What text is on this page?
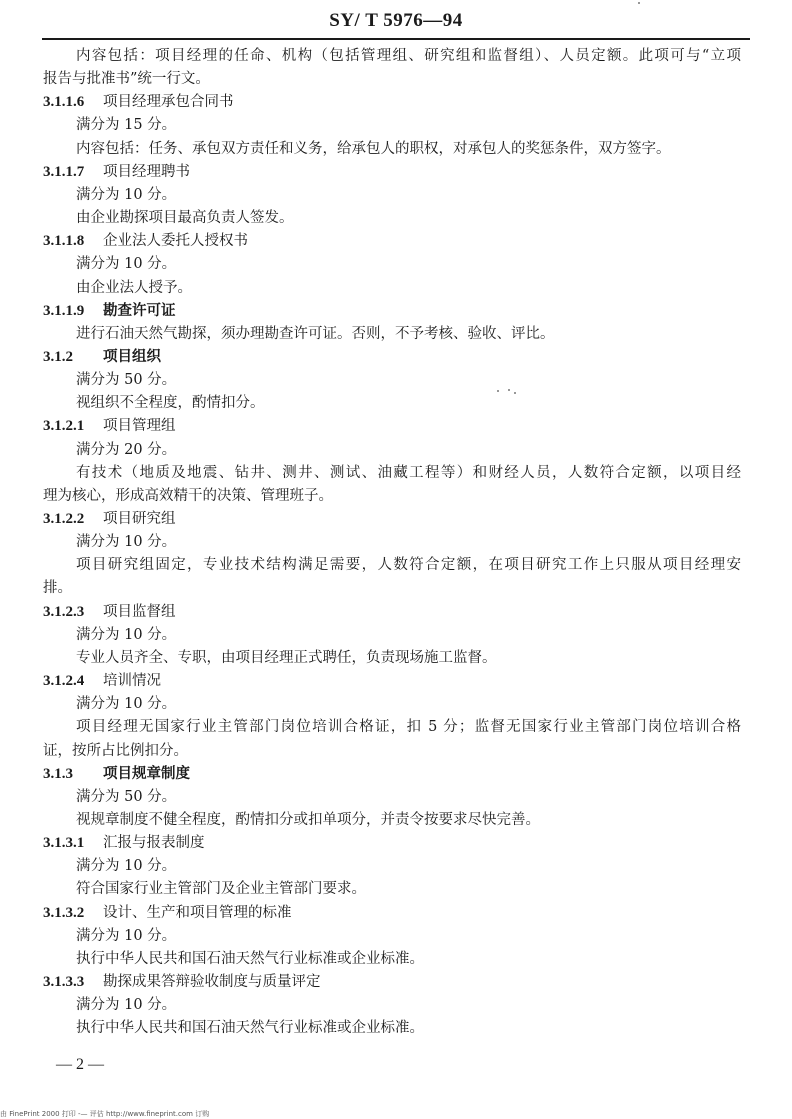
SY/ T 5976—94
内容包括：项目经理的任命、机构（包括管理组、研究组和监督组）、人员定额。此项可与“立项
报告与批准书”统一行文。
3.1.1.6 项目经理承包合同书
满分为 15 分。
内容包括：任务、承包双方责任和义务，给承包人的职权，对承包人的奖惩条件，双方签字。
3.1.1.7 项目经理聘书
满分为 10 分。
由企业勘探项目最高负责人签发。
3.1.1.8 企业法人委托人授权书
满分为 10 分。
由企业法人授予。
3.1.1.9 勘查许可证
进行石油天然气勘探，须办理勘查许可证。否则，不予考核、验收、评比。
3.1.2 项目组织
满分为 50 分。
视组织不全程度，酌情扣分。
3.1.2.1 项目管理组
满分为 20 分。
有技术（地质及地震、钻井、测井、测试、油藏工程等）和财经人员，人数符合定额，以项目经
理为核心，形成高效精干的决策、管理班子。
3.1.2.2 项目研究组
满分为 10 分。
项目研究组固定，专业技术结构满足需要，人数符合定额，在项目研究工作上只服从项目经理安
排。
3.1.2.3 项目监督组
满分为 10 分。
专业人员齐全、专职，由项目经理正式聘任，负责现场施工监督。
3.1.2.4 培训情况
满分为 10 分。
项目经理无国家行业主管部门岗位培训合格证，扣 5 分；监督无国家行业主管部门岗位培训合格
证，按所占比例扣分。
3.1.3 项目规章制度
满分为 50 分。
视规章制度不健全程度，酌情扣分或扣单项分，并责令按要求尽快完善。
3.1.3.1 汇报与报表制度
满分为 10 分。
符合国家行业主管部门及企业主管部门要求。
3.1.3.2 设计、生产和项目管理的标准
满分为 10 分。
执行中华人民共和国石油天然气行业标准或企业标准。
3.1.3.3 勘探成果答辩验收制度与质量评定
满分为 10 分。
执行中华人民共和国石油天然气行业标准或企业标准。
— 2 —
由 FinePrint 2000 打印 -— 评估 http://www.fineprint.com 订购
